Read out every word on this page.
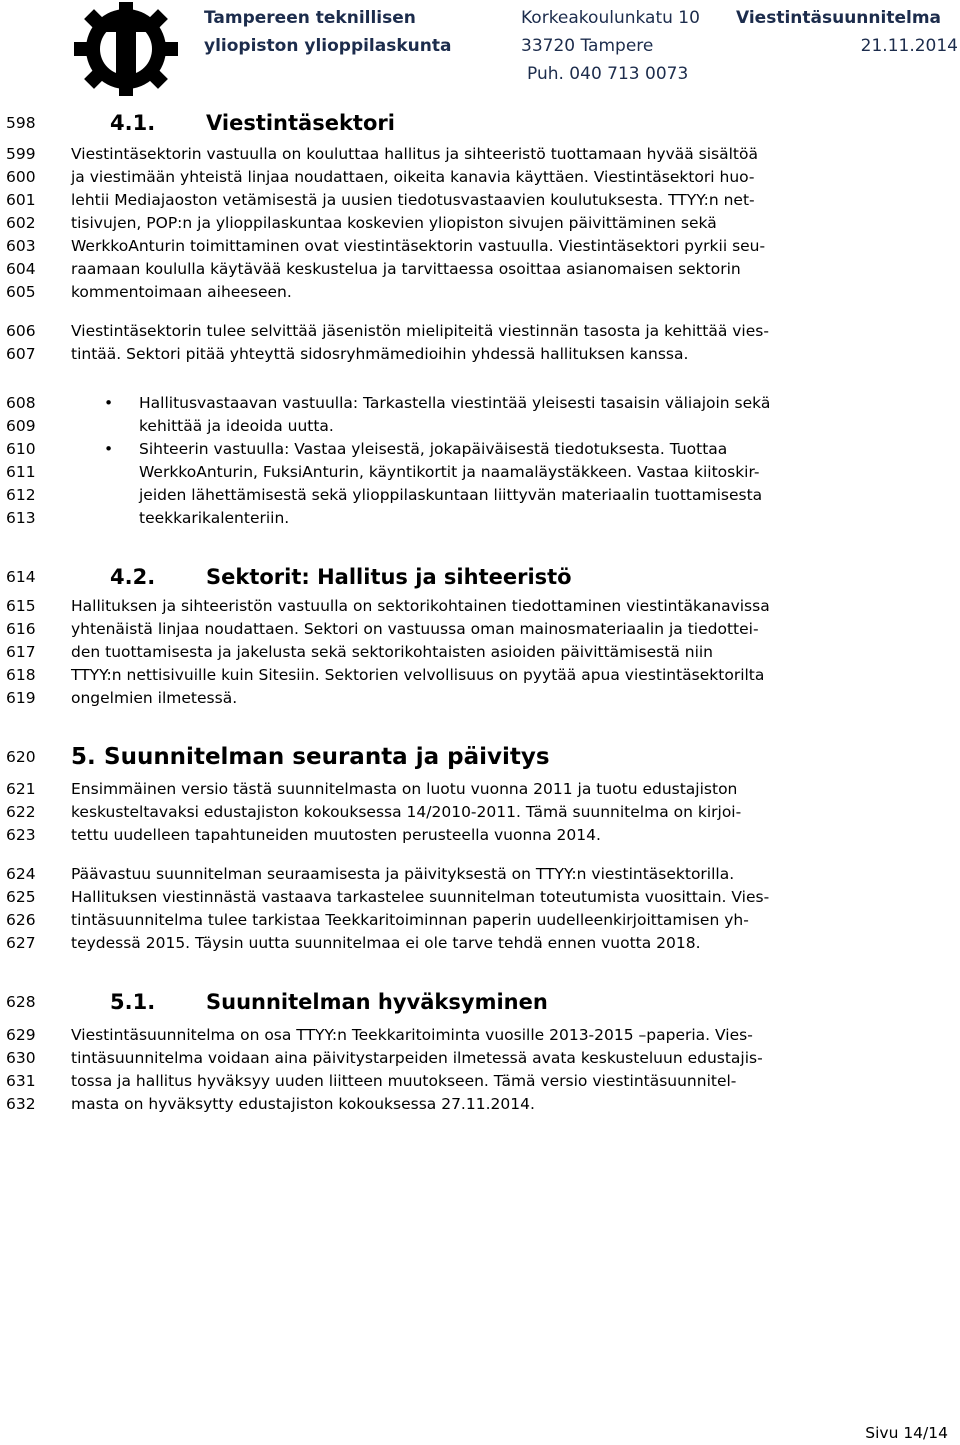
Tampereen teknillisen
yliopiston ylioppilaskunta
Korkeakoulunkatu 10
33720 Tampere
Puh. 040 713 0073
Viestintäsuunnitelma
21.11.2014
598	4.1. Viestintäsektori
599 Viestintäsektorin vastuulla on kouluttaa hallitus ja sihteeristö tuottamaan hyvää sisältöä
600 ja viestimään yhteistä linjaa noudattaen, oikeita kanavia käyttäen. Viestintäsektori huo-
601 lehtii Mediajaoston vetämisestä ja uusien tiedotusvastaavien koulutuksesta. TTYY:n net-
602 tisivujen, POP:n ja ylioppilaskuntaa koskevien yliopiston sivujen päivittäminen sekä
603 WerkkoAnturin toimittaminen ovat viestintäsektorin vastuulla. Viestintäsektori pyrkii seu-
604 raamaan koululla käytävää keskustelua ja tarvittaessa osoittaa asianomaisen sektorin
605 kommentoimaan aiheeseen.
606 Viestintäsektorin tulee selvittää jäsenistön mielipiteitä viestinnän tasosta ja kehittää vies-
607 tintää. Sektori pitää yhteyttä sidosryhmämedioihin yhdessä hallituksen kanssa.
608	• Hallitusvastaavan vastuulla: Tarkastella viestintää yleisesti tasaisin väliajoin sekä
609	kehittää ja ideoida uutta.
610	• Sihteerin vastuulla: Vastaa yleisestä, jokapäiväisestä tiedotuksesta. Tuottaa
611	WerkkoAnturin, FuksiAnturin, käyntikortit ja naamaläystäkkeen. Vastaa kiitoskir-
612	jeiden lähettämisestä sekä ylioppilaskuntaan liittyvän materiaalin tuottamisesta
613	teekkarikalenteriin.
614	4.2. Sektorit: Hallitus ja sihteeristö
615 Hallituksen ja sihteeristön vastuulla on sektorikohtainen tiedottaminen viestintäkanavissa
616 yhtenäistä linjaa noudattaen. Sektori on vastuussa oman mainosmateriaalin ja tiedottei-
617 den tuottamisesta ja jakelusta sekä sektorikohtaisten asioiden päivittämisestä niin
618 TTYY:n nettisivuille kuin Sitesiin. Sektorien velvollisuus on pyytää apua viestintäsektorilta
619 ongelmien ilmetessä.
620 5. Suunnitelman seuranta ja päivitys
621 Ensimmäinen versio tästä suunnitelmasta on luotu vuonna 2011 ja tuotu edustajiston
622 keskusteltavaksi edustajiston kokouksessa 14/2010-2011. Tämä suunnitelma on kirjoi-
623 tettu uudelleen tapahtuneiden muutosten perusteella vuonna 2014.
624 Päävastuu suunnitelman seuraamisesta ja päivityksestä on TTYY:n viestintäsektorilla.
625 Hallituksen viestinnästä vastaava tarkastelee suunnitelman toteutumista vuosittain. Vies-
626 tintäsuunnitelma tulee tarkistaa Teekkaritoiminnan paperin uudelleenkirjoittamisen yh-
627 teydessä 2015. Täysin uutta suunnitelmaa ei ole tarve tehdä ennen vuotta 2018.
628	5.1. Suunnitelman hyväksyminen
629 Viestintäsuunnitelma on osa TTYY:n Teekkaritoiminta vuosille 2013-2015 –paperia. Vies-
630 tintäsuunnitelma voidaan aina päivitystarpeiden ilmetessä avata keskusteluun edustajis-
631 tossa ja hallitus hyväksyy uuden liitteen muutokseen. Tämä versio viestintäsuunnitel-
632 masta on hyväksytty edustajiston kokouksessa 27.11.2014.
Sivu 14/14
